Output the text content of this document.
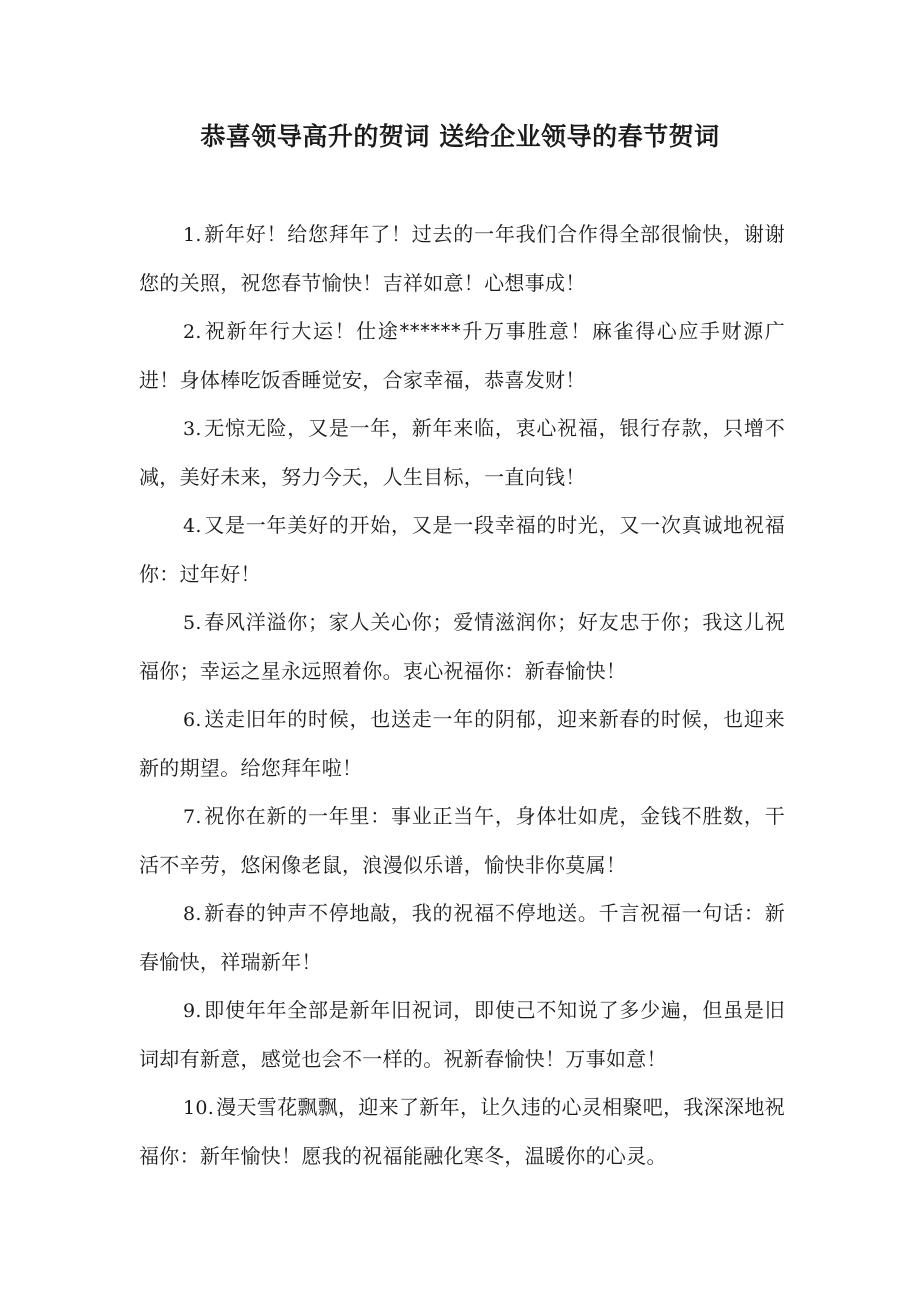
恭喜领导高升的贺词 送给企业领导的春节贺词

1. 新年好！给您拜年了！过去的一年我们合作得全部很愉快，谢谢您的关照，祝您春节愉快！吉祥如意！心想事成！

2. 祝新年行大运！仕途******升万事胜意！麻雀得心应手财源广进！身体棒吃饭香睡觉安，合家幸福，恭喜发财！

3. 无惊无险，又是一年，新年来临，衷心祝福，银行存款，只增不减，美好未来，努力今天，人生目标，一直向钱！

4. 又是一年美好的开始，又是一段幸福的时光，又一次真诚地祝福你：过年好！

5. 春风洋溢你；家人关心你；爱情滋润你；好友忠于你；我这儿祝福你；幸运之星永远照着你。衷心祝福你：新春愉快！

6. 送走旧年的时候，也送走一年的阴郁，迎来新春的时候，也迎来新的期望。给您拜年啦！

7. 祝你在新的一年里：事业正当午，身体壮如虎，金钱不胜数，干活不辛劳，悠闲像老鼠，浪漫似乐谱，愉快非你莫属！

8. 新春的钟声不停地敲，我的祝福不停地送。千言祝福一句话：新春愉快，祥瑞新年！

9. 即使年年全部是新年旧祝词，即使己不知说了多少遍，但虽是旧词却有新意，感觉也会不一样的。祝新春愉快！万事如意！

10. 漫天雪花飘飘，迎来了新年，让久违的心灵相聚吧，我深深地祝福你：新年愉快！愿我的祝福能融化寒冬，温暖你的心灵。
